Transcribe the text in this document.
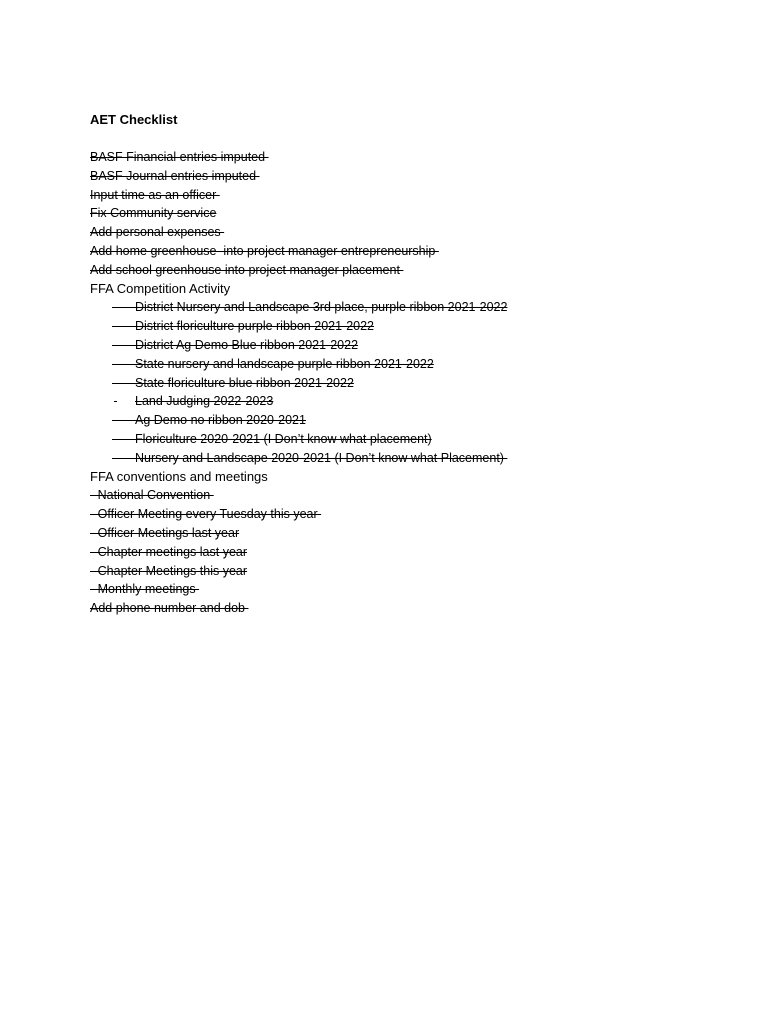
AET Checklist
BASF Financial entries imputed
BASF Journal entries imputed
Input time as an officer
Fix Community service
Add personal expenses
Add home greenhouse  into project manager entrepreneurship
Add school greenhouse into project manager placement
FFA Competition Activity
District Nursery and Landscape 3rd place, purple ribbon 2021-2022
District floriculture purple ribbon 2021-2022
District Ag Demo Blue ribbon 2021-2022
State nursery and landscape purple ribbon 2021-2022
State floriculture blue ribbon 2021-2022
Land Judging 2022-2023
Ag Demo no ribbon 2020-2021
Floriculture 2020-2021 (I Don’t know what placement)
Nursery and Landscape 2020-2021 (I Don’t know what Placement)
FFA conventions and meetings
- National Convention
- Officer Meeting every Tuesday this year
- Officer Meetings last year
- Chapter meetings last year
- Chapter Meetings this year
- Monthly meetings
Add phone number and dob
